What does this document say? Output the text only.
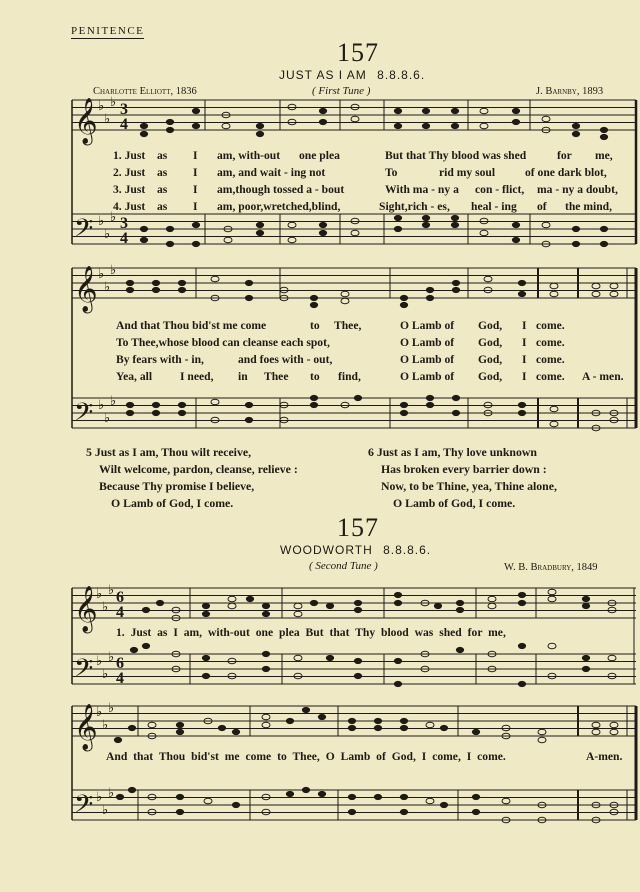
PENITENCE
157
JUST AS I AM 8.8.8.6.
Charlotte Elliott, 1836	( First Tune )	J. Barnby, 1893
𝄞
𝄢
𝄞
𝄢
𝄞
𝄢
𝄞
𝄢
♭
♭
♭
♭
♭
♭
♭
♭
♭
♭
♭
♭
♭
♭
♭
♭
♭
♭
♭
♭
♭
♭
♭
♭
3
4
3
4
6
4
6
4
1. Just as I am, with-out one plea	But that Thy blood was shed	for me,
2. Just as I am, and wait - ing not	To	rid my soul	of one dark blot,
3. Just as I am,though tossed a - bout	With ma - ny a con - flict, ma - ny a doubt,
4. Just as I am, poor,wretched,blind,	Sight,rich - es, heal - ing of the mind,
And that Thou bid'st me come	to Thee,	O Lamb of God, I come.
To Thee,whose blood can cleanse each spot,	O Lamb of God, I come.
By fears with - in,	and foes with - out,	O Lamb of God, I come.
Yea, all I need, in Thee to find,	O Lamb of God, I come. A - men.
5 Just as I am, Thou wilt receive,
Wilt welcome, pardon, cleanse, relieve :
Because Thy promise I believe,
O Lamb of God, I come.
6 Just as I am, Thy love unknown
Has broken every barrier down :
Now, to be Thine, yea, Thine alone,
O Lamb of God, I come.
157
WOODWORTH 8.8.8.6.
( Second Tune )	W. B. Bradbury, 1849
1. Just as I am, with-out one plea But that Thy blood was shed for me,
And that Thou bid'st me come to Thee, O Lamb of God, I come, I come.	A-men.
